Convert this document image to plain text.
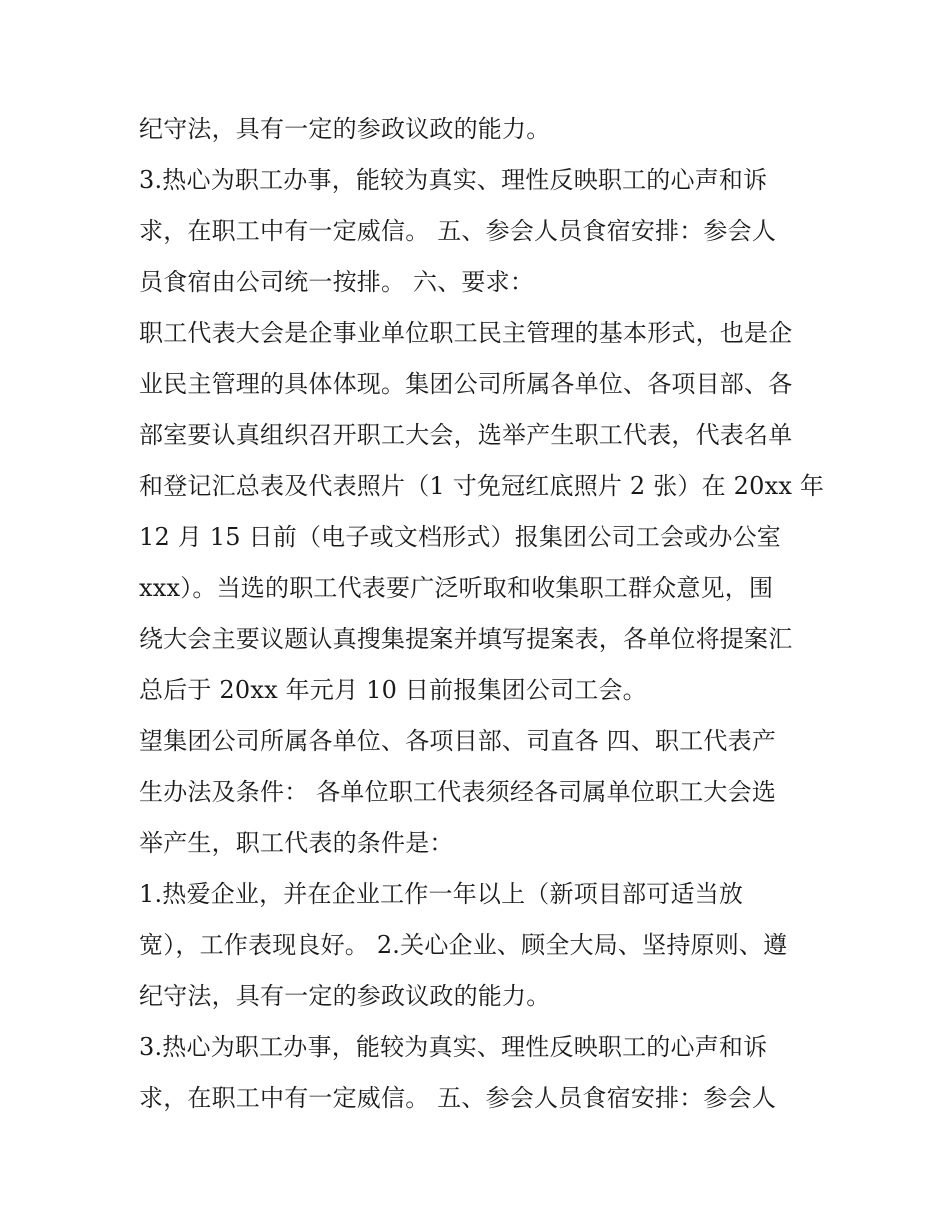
纪守法，具有一定的参政议政的能力。
3.热心为职工办事，能较为真实、理性反映职工的心声和诉
求，在职工中有一定威信。 五、参会人员食宿安排：参会人
员食宿由公司统一按排。 六、要求：
职工代表大会是企事业单位职工民主管理的基本形式，也是企
业民主管理的具体体现。集团公司所属各单位、各项目部、各
部室要认真组织召开职工大会，选举产生职工代表，代表名单
和登记汇总表及代表照片（1 寸免冠红底照片 2 张）在 20xx 年
12 月 15 日前（电子或文档形式）报集团公司工会或办公室
xxx）。当选的职工代表要广泛听取和收集职工群众意见，围
绕大会主要议题认真搜集提案并填写提案表，各单位将提案汇
总后于 20xx 年元月 10 日前报集团公司工会。
望集团公司所属各单位、各项目部、司直各 四、职工代表产
生办法及条件： 各单位职工代表须经各司属单位职工大会选
举产生，职工代表的条件是：
1.热爱企业，并在企业工作一年以上（新项目部可适当放
宽），工作表现良好。 2.关心企业、顾全大局、坚持原则、遵
纪守法，具有一定的参政议政的能力。
3.热心为职工办事，能较为真实、理性反映职工的心声和诉
求，在职工中有一定威信。 五、参会人员食宿安排：参会人
